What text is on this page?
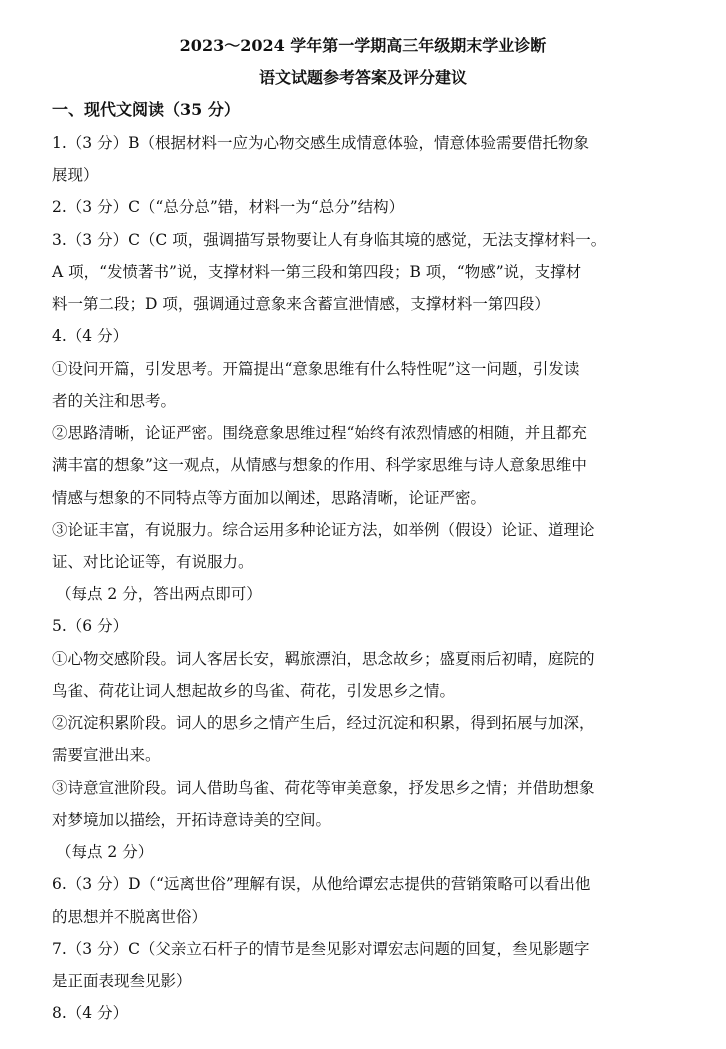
2023～2024 学年第一学期高三年级期末学业诊断
语文试题参考答案及评分建议
一、现代文阅读（35 分）
1.（3 分）B（根据材料一应为心物交感生成情意体验，情意体验需要借托物象
展现）
2.（3 分）C（“总分总”错，材料一为“总分”结构）
3.（3 分）C（C 项，强调描写景物要让人有身临其境的感觉，无法支撑材料一。
A 项，“发愤著书”说，支撑材料一第三段和第四段；B 项，“物感”说，支撑材
料一第二段；D 项，强调通过意象来含蓄宣泄情感，支撑材料一第四段）
4.（4 分）
①设问开篇，引发思考。开篇提出“意象思维有什么特性呢”这一问题，引发读
者的关注和思考。
②思路清晰，论证严密。围绕意象思维过程“始终有浓烈情感的相随，并且都充
满丰富的想象”这一观点，从情感与想象的作用、科学家思维与诗人意象思维中
情感与想象的不同特点等方面加以阐述，思路清晰，论证严密。
③论证丰富，有说服力。综合运用多种论证方法，如举例（假设）论证、道理论
证、对比论证等，有说服力。
（每点 2 分，答出两点即可）
5.（6 分）
①心物交感阶段。词人客居长安，羁旅漂泊，思念故乡；盛夏雨后初晴，庭院的
鸟雀、荷花让词人想起故乡的鸟雀、荷花，引发思乡之情。
②沉淀积累阶段。词人的思乡之情产生后，经过沉淀和积累，得到拓展与加深，
需要宣泄出来。
③诗意宣泄阶段。词人借助鸟雀、荷花等审美意象，抒发思乡之情；并借助想象
对梦境加以描绘，开拓诗意诗美的空间。
（每点 2 分）
6.（3 分）D（“远离世俗”理解有误，从他给谭宏志提供的营销策略可以看出他
的思想并不脱离世俗）
7.（3 分）C（父亲立石杆子的情节是叁见影对谭宏志问题的回复，叁见影题字
是正面表现叁见影）
8.（4 分）
